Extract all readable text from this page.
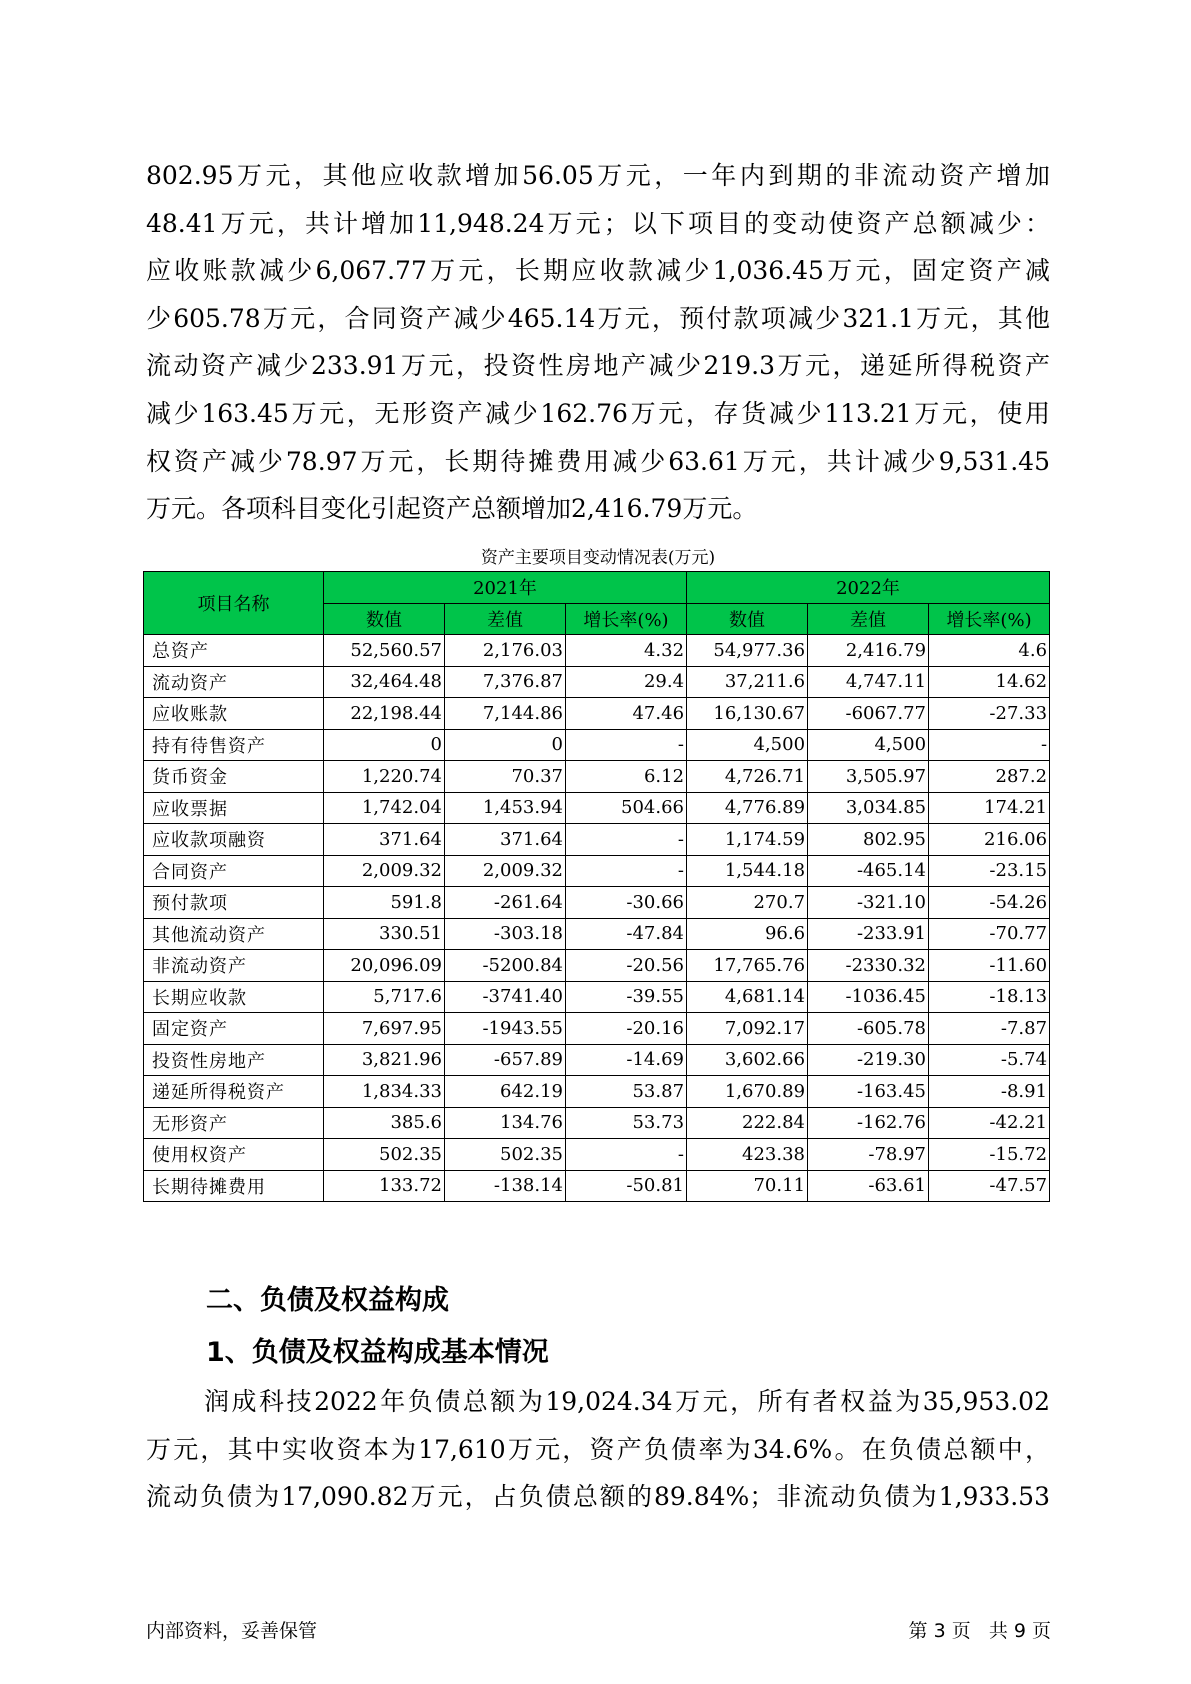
802.95万元，其他应收款增加56.05万元，一年内到期的非流动资产增加
48.41万元，共计增加11,948.24万元；以下项目的变动使资产总额减少：
应收账款减少6,067.77万元，长期应收款减少1,036.45万元，固定资产减
少605.78万元，合同资产减少465.14万元，预付款项减少321.1万元，其他
流动资产减少233.91万元，投资性房地产减少219.3万元，递延所得税资产
减少163.45万元，无形资产减少162.76万元，存货减少113.21万元，使用
权资产减少78.97万元，长期待摊费用减少63.61万元，共计减少9,531.45
万元。各项科目变化引起资产总额增加2,416.79万元。
资产主要项目变动情况表(万元)
项目名称	2021年			2022年		
	数值	差值	增长率(%)	数值	差值	增长率(%)
总资产	52,560.57	2,176.03	4.32	54,977.36	2,416.79	4.6
流动资产	32,464.48	7,376.87	29.4	37,211.6	4,747.11	14.62
应收账款	22,198.44	7,144.86	47.46	16,130.67	-6067.77	-27.33
持有待售资产	0	0	-	4,500	4,500	-
货币资金	1,220.74	70.37	6.12	4,726.71	3,505.97	287.2
应收票据	1,742.04	1,453.94	504.66	4,776.89	3,034.85	174.21
应收款项融资	371.64	371.64	-	1,174.59	802.95	216.06
合同资产	2,009.32	2,009.32	-	1,544.18	-465.14	-23.15
预付款项	591.8	-261.64	-30.66	270.7	-321.10	-54.26
其他流动资产	330.51	-303.18	-47.84	96.6	-233.91	-70.77
非流动资产	20,096.09	-5200.84	-20.56	17,765.76	-2330.32	-11.60
长期应收款	5,717.6	-3741.40	-39.55	4,681.14	-1036.45	-18.13
固定资产	7,697.95	-1943.55	-20.16	7,092.17	-605.78	-7.87
投资性房地产	3,821.96	-657.89	-14.69	3,602.66	-219.30	-5.74
递延所得税资产	1,834.33	642.19	53.87	1,670.89	-163.45	-8.91
无形资产	385.6	134.76	53.73	222.84	-162.76	-42.21
使用权资产	502.35	502.35	-	423.38	-78.97	-15.72
长期待摊费用	133.72	-138.14	-50.81	70.11	-63.61	-47.57
二、负债及权益构成
1、负债及权益构成基本情况
润成科技2022年负债总额为19,024.34万元，所有者权益为35,953.02
万元，其中实收资本为17,610万元，资产负债率为34.6%。在负债总额中，
流动负债为17,090.82万元，占负债总额的89.84%；非流动负债为1,933.53
内部资料，妥善保管	第 3 页   共 9 页
